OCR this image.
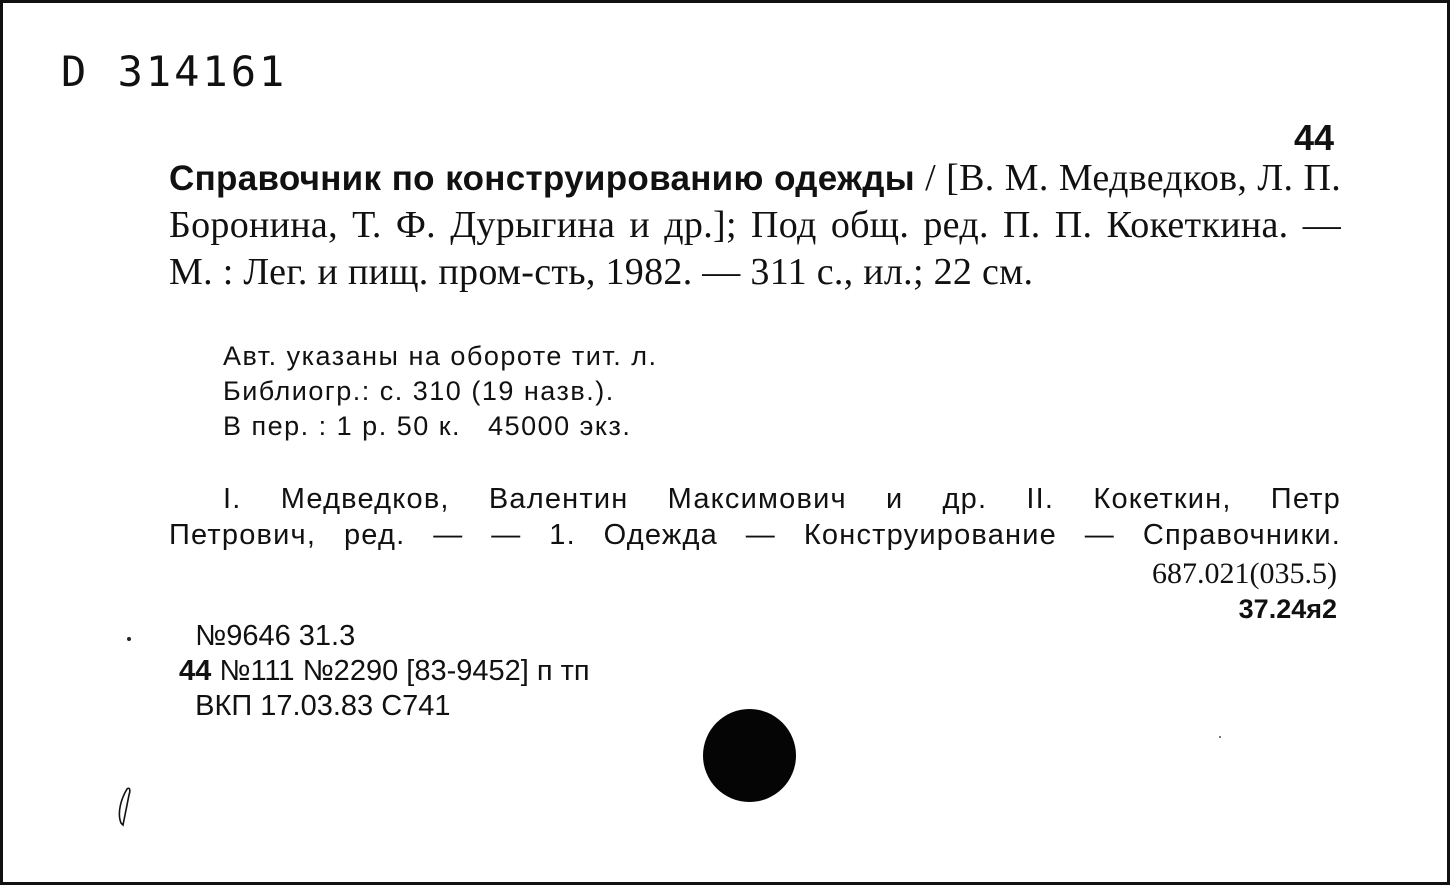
D 314161
44
Справочник по конструированию одежды / [В. М. Медведков, Л. П. Боронина, Т. Ф. Дурыгина и др.]; Под общ. ред. П. П. Кокеткина. — М. : Лег. и пищ. пром-сть, 1982. — 311 с., ил.; 22 см.
Авт. указаны на обороте тит. л.
Библиогр.: с. 310 (19 назв.).
В пер. : 1 р. 50 к.   45000 экз.
I. Медведков, Валентин Максимович и др. II. Кокеткин, Петр
Петрович, ред. — — 1. Одежда — Конструирование — Справочники.
687.021(035.5)
37.24я2
№9646 31.3
44 №111 №2290 [83-9452] п тп
ВКП 17.03.83 С741
